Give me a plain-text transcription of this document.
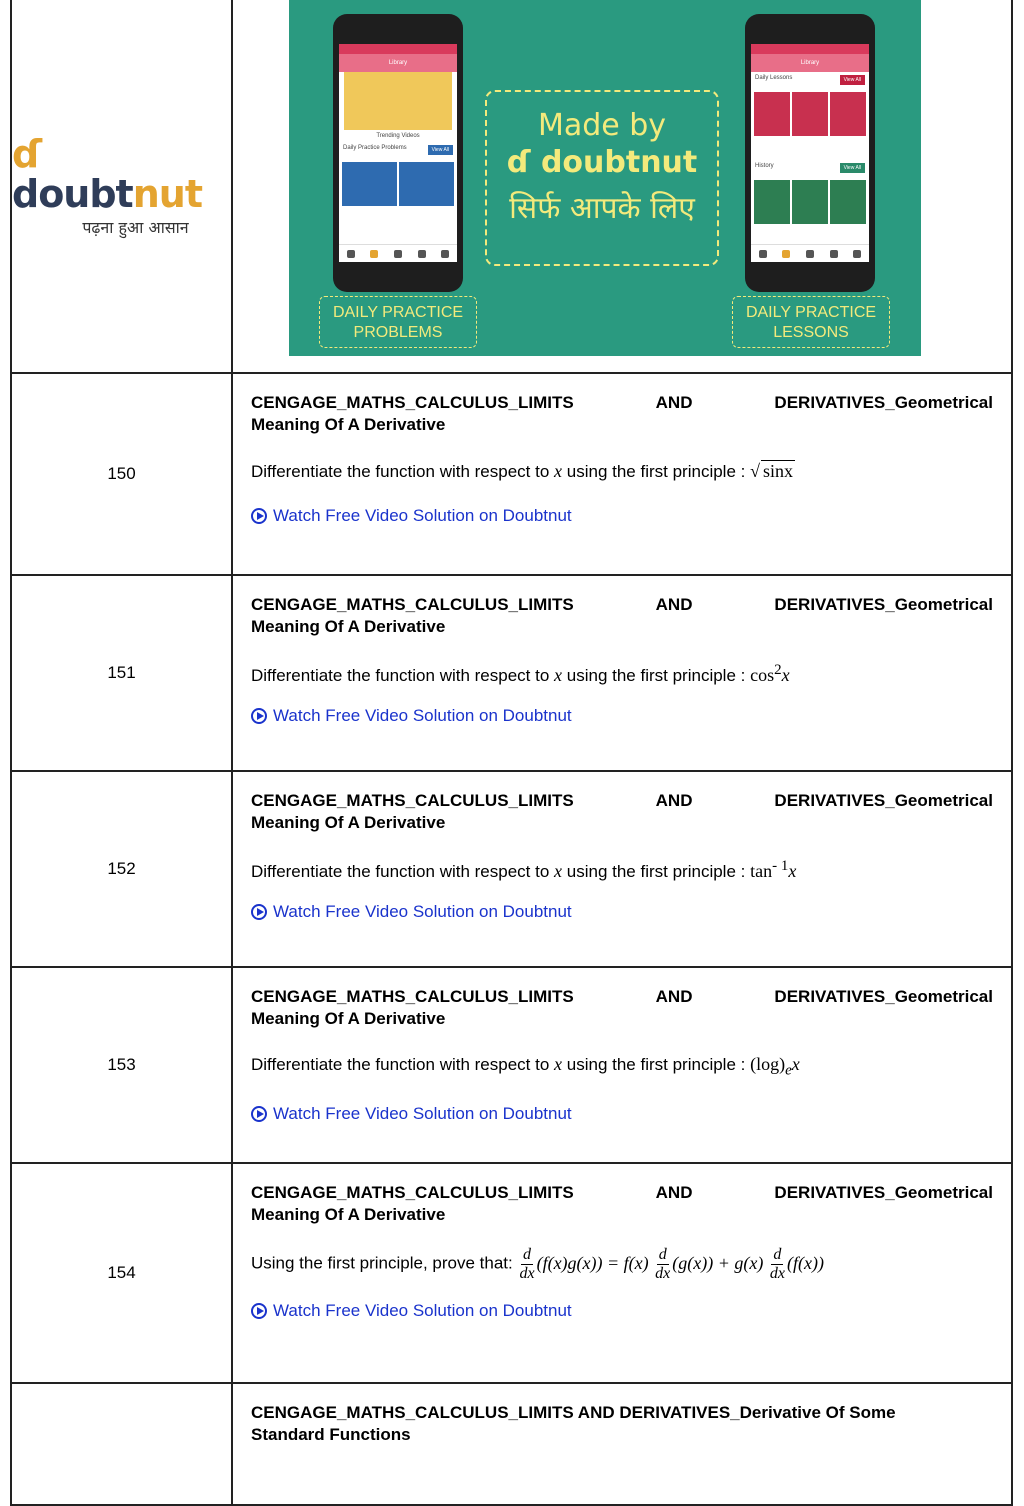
ɗ doubtnut
पढ़ना हुआ आसान
Library
Trending Videos
Daily Practice Problems	View All
Made by
ɗ doubtnut
सिर्फ आपके लिए
Library
Daily Lessons	View All
History	View All
DAILY PRACTICE
PROBLEMS
DAILY PRACTICE
LESSONS
150
CENGAGE_MATHS_CALCULUS_LIMITS	AND	DERIVATIVES_Geometrical
Meaning Of A Derivative
Differentiate the function with respect to x using the first principle : √ sinx
Watch Free Video Solution on Doubtnut
151
CENGAGE_MATHS_CALCULUS_LIMITS	AND	DERIVATIVES_Geometrical
Meaning Of A Derivative
Differentiate the function with respect to x using the first principle : $\cos^2x$
Watch Free Video Solution on Doubtnut
152
CENGAGE_MATHS_CALCULUS_LIMITS	AND	DERIVATIVES_Geometrical
Meaning Of A Derivative
Differentiate the function with respect to x using the first principle : $\tan^{- 1}x$
Watch Free Video Solution on Doubtnut
153
CENGAGE_MATHS_CALCULUS_LIMITS	AND	DERIVATIVES_Geometrical
Meaning Of A Derivative
Differentiate the function with respect to x using the first principle : $(\log)_ex$
Watch Free Video Solution on Doubtnut
154
CENGAGE_MATHS_CALCULUS_LIMITS	AND	DERIVATIVES_Geometrical
Meaning Of A Derivative
Using the first principle, prove that: $\frac{d}{dx} (f(x)g(x)) = f(x) \frac{d}{dx} (g(x)) + g(x) \frac{d}{dx} (f(x))$
Watch Free Video Solution on Doubtnut
CENGAGE_MATHS_CALCULUS_LIMITS AND DERIVATIVES_Derivative Of Some
Standard Functions
